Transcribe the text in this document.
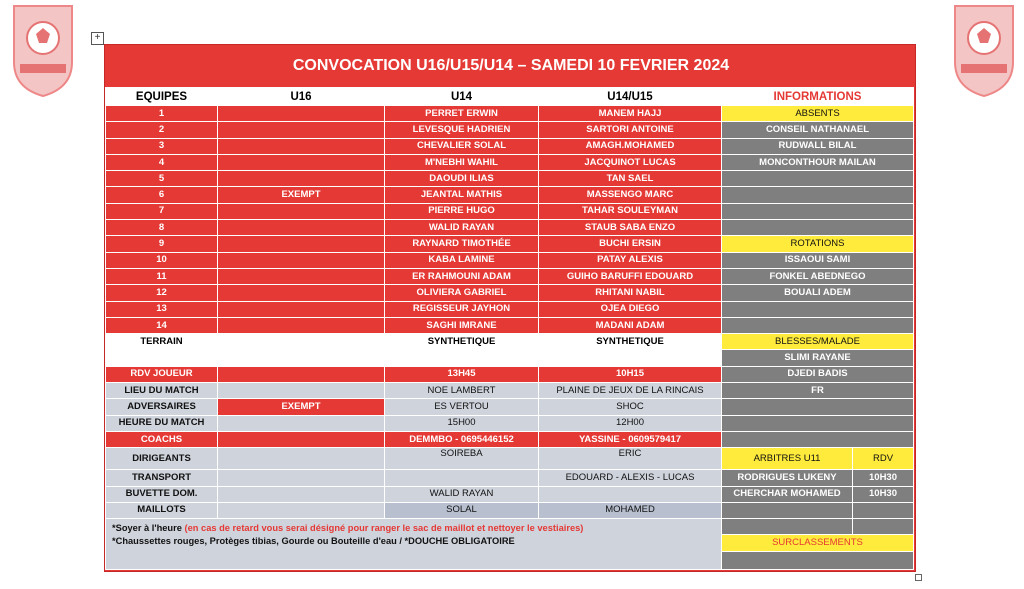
+
CONVOCATION U16/U15/U14 – SAMEDI 10 FEVRIER 2024
EQUIPES	U16	U14	U14/U15	INFORMATIONS	
1		PERRET ERWIN	MANEM HAJJ	ABSENTS	
2		LEVESQUE HADRIEN	SARTORI ANTOINE	CONSEIL NATHANAEL	
3		CHEVALIER SOLAL	AMAGH.MOHAMED	RUDWALL BILAL	
4		M'NEBHI WAHIL	JACQUINOT LUCAS	MONCONTHOUR MAILAN	
5		DAOUDI ILIAS	TAN SAEL		
6	EXEMPT	JEANTAL MATHIS	MASSENGO MARC		
7		PIERRE HUGO	TAHAR SOULEYMAN		
8		WALID RAYAN	STAUB SABA ENZO		
9		RAYNARD TIMOTHÉE	BUCHI ERSIN	ROTATIONS	
10		KABA LAMINE	PATAY ALEXIS	ISSAOUI SAMI	
11		ER RAHMOUNI ADAM	GUIHO BARUFFI EDOUARD	FONKEL ABEDNEGO	
12		OLIVIERA GABRIEL	RHITANI NABIL	BOUALI ADEM	
13		REGISSEUR JAYHON	OJEA DIEGO		
14		SAGHI IMRANE	MADANI ADAM		
TERRAIN		SYNTHETIQUE	SYNTHETIQUE	BLESSES/MALADE	
				SLIMI RAYANE	
RDV JOUEUR		13H45	10H15	DJEDI BADIS	
LIEU DU MATCH		NOE LAMBERT	PLAINE DE JEUX DE LA RINCAIS	FR	
ADVERSAIRES	EXEMPT	ES VERTOU	SHOC		
HEURE DU MATCH		15H00	12H00		
COACHS		DEMMBO - 0695446152	YASSINE - 0609579417		
DIRIGEANTS		SOIREBA	ERIC	ARBITRES U11	RDV
TRANSPORT			EDOUARD - ALEXIS - LUCAS	RODRIGUES LUKENY	10H30
BUVETTE DOM.		WALID RAYAN		CHERCHAR MOHAMED	10H30
MAILLOTS		SOLAL	MOHAMED		
*Soyer à l'heure (en cas de retard vous serai désigné pour ranger le sac de maillot et nettoyer le vestiaires)
*Chaussettes rouges, Protèges tibias, Gourde ou Bouteille d'eau / *DOUCHE OBLIGATOIRE					
				SURCLASSEMENTS	
